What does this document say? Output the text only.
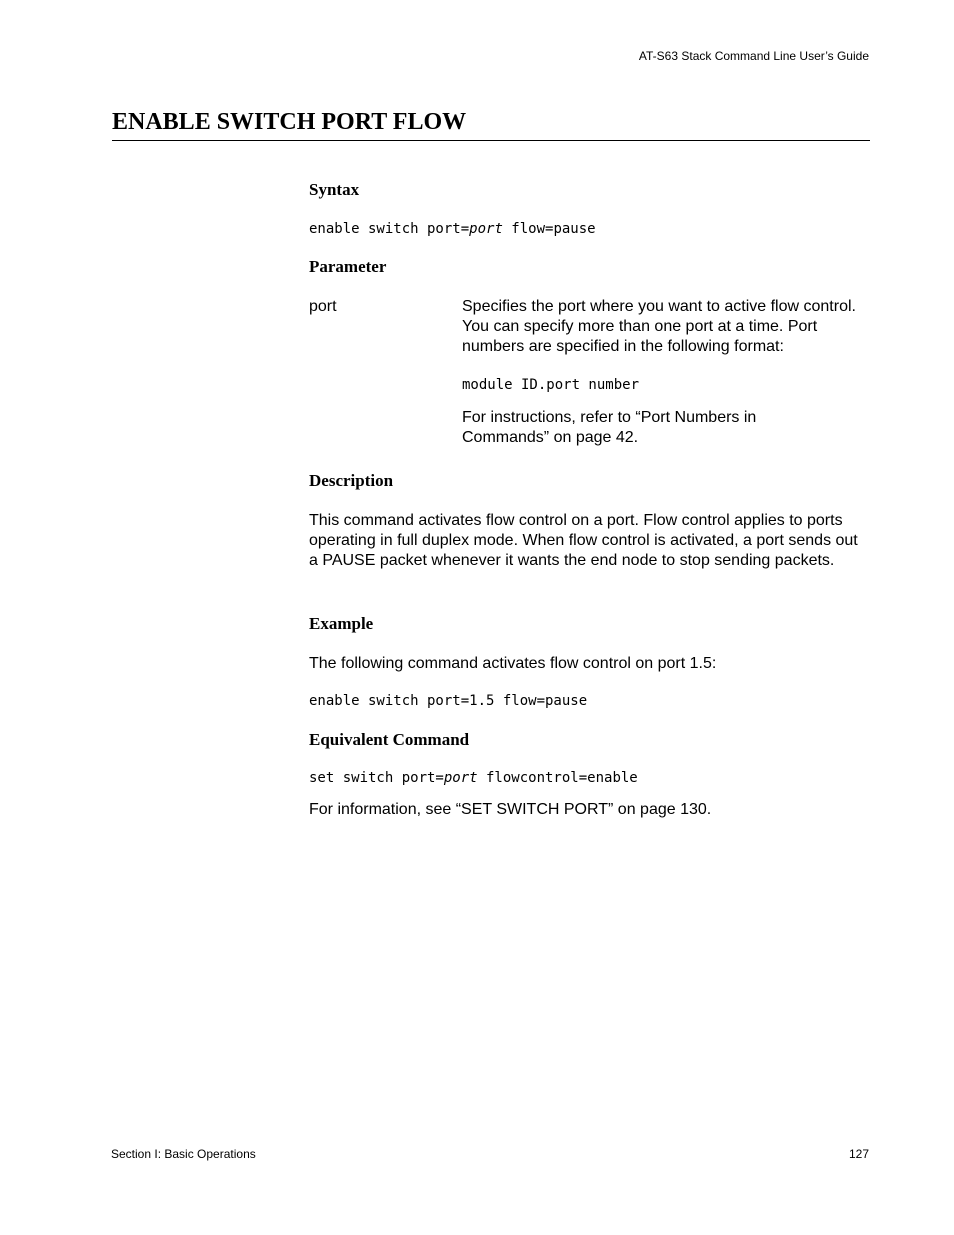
AT-S63 Stack Command Line User’s Guide
ENABLE SWITCH PORT FLOW
Syntax
enable switch port=port flow=pause
Parameter
port	Specifies the port where you want to active flow control. You can specify more than one port at a time. Port numbers are specified in the following format:
module ID.port number
For instructions, refer to “Port Numbers in Commands” on page 42.
Description
This command activates flow control on a port. Flow control applies to ports operating in full duplex mode. When flow control is activated, a port sends out a PAUSE packet whenever it wants the end node to stop sending packets.
Example
The following command activates flow control on port 1.5:
enable switch port=1.5 flow=pause
Equivalent Command
set switch port=port flowcontrol=enable
For information, see “SET SWITCH PORT” on page 130.
Section I: Basic Operations	127
